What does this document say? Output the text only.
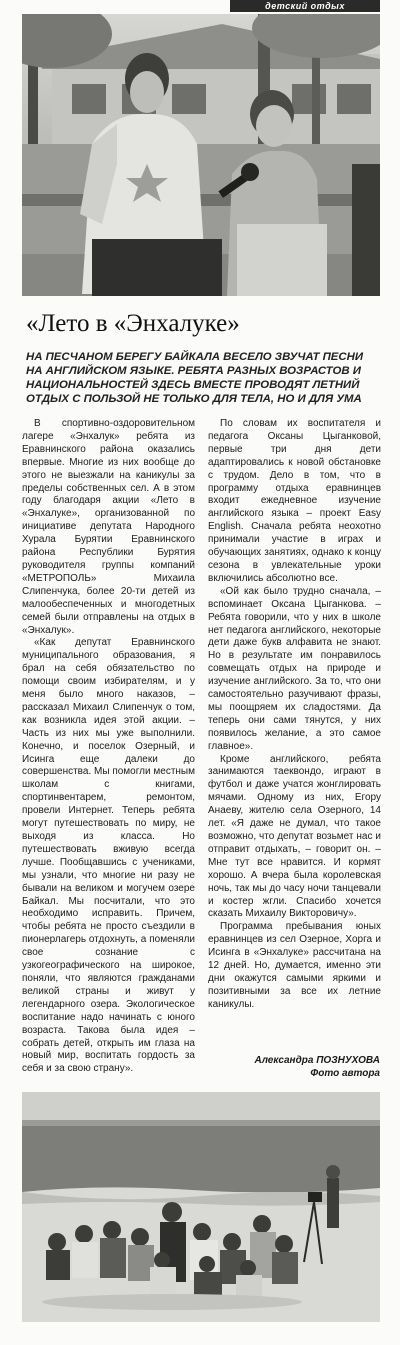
детский отдых
«Лето в «Энхалуке»

НА ПЕСЧАНОМ БЕРЕГУ БАЙКАЛА ВЕСЕЛО ЗВУЧАТ ПЕСНИ НА АНГЛИЙСКОМ ЯЗЫКЕ. РЕБЯТА РАЗНЫХ ВОЗРАСТОВ И НАЦИОНАЛЬНОСТЕЙ ЗДЕСЬ ВМЕСТЕ ПРОВОДЯТ ЛЕТНИЙ ОТДЫХ С ПОЛЬЗОЙ НЕ ТОЛЬКО ДЛЯ ТЕЛА, НО И ДЛЯ УМА

В спортивно-оздоровительном лагере «Энхалук» ребята из Еравнинского района оказались впервые. Многие из них вообще до этого не выезжали на каникулы за пределы собственных сел. А в этом году благодаря акции «Лето в «Энхалуке», организованной по инициативе депутата Народного Хурала Бурятии Еравнинского района Республики Бурятия руководителя группы компаний «МЕТРОПОЛЬ» Михаила Слипенчука, более 20-ти детей из малообеспеченных и многодетных семей были отправлены на отдых в «Энхалук».

«Как депутат Еравнинского муниципального образования, я брал на себя обязательство по помощи своим избирателям, и у меня было много наказов, – рассказал Михаил Слипенчук о том, как возникла идея этой акции. – Часть из них мы уже выполнили. Конечно, и поселок Озерный, и Исинга еще далеки до совершенства. Мы помогли местным школам с книгами, спортинвентарем, ремонтом, провели Интернет. Теперь ребята могут путешествовать по миру, не выходя из класса. Но путешествовать вживую всегда лучше. Пообщавшись с учениками, мы узнали, что многие ни разу не бывали на великом и могучем озере Байкал. Мы посчитали, что это необходимо исправить. Причем, чтобы ребята не просто съездили в пионерлагерь отдохнуть, а поменяли свое сознание с узкогеографического на широкое, поняли, что являются гражданами великой страны и живут у легендарного озера. Экологическое воспитание надо начинать с юного возраста. Такова была идея – собрать детей, открыть им глаза на новый мир, воспитать гордость за себя и за свою страну».

По словам их воспитателя и педагога Оксаны Цыганковой, первые три дня дети адаптировались к новой обстановке с трудом. Дело в том, что в программу отдыха еравнинцев входит ежедневное изучение английского языка – проект Easy English. Сначала ребята неохотно принимали участие в играх и обучающих занятиях, однако к концу сезона в увлекательные уроки включились абсолютно все.

«Ой как было трудно сначала, – вспоминает Оксана Цыганкова. – Ребята говорили, что у них в школе нет педагога английского, некоторые дети даже букв алфавита не знают. Но в результате им понравилось совмещать отдых на природе и изучение английского. За то, что они самостоятельно разучивают фразы, мы поощряем их сладостями. Да теперь они сами тянутся, у них появилось желание, а это самое главное».

Кроме английского, ребята занимаются таеквондо, играют в футбол и даже учатся жонглировать мячами. Одному из них, Егору Анаеву, жителю села Озерного, 14 лет. «Я даже не думал, что такое возможно, что депутат возьмет нас и отправит отдыхать, – говорит он. – Мне тут все нравится. И кормят хорошо. А вчера была королевская ночь, так мы до часу ночи танцевали и костер жгли. Спасибо хочется сказать Михаилу Викторовичу».

Программа пребывания юных еравнинцев из сел Озерное, Хорга и Исинга в «Энхалуке» рассчитана на 12 дней. Но, думается, именно эти дни окажутся самыми яркими и позитивными за все их летние каникулы.

Александра ПОЗНУХОВА
Фото автора
